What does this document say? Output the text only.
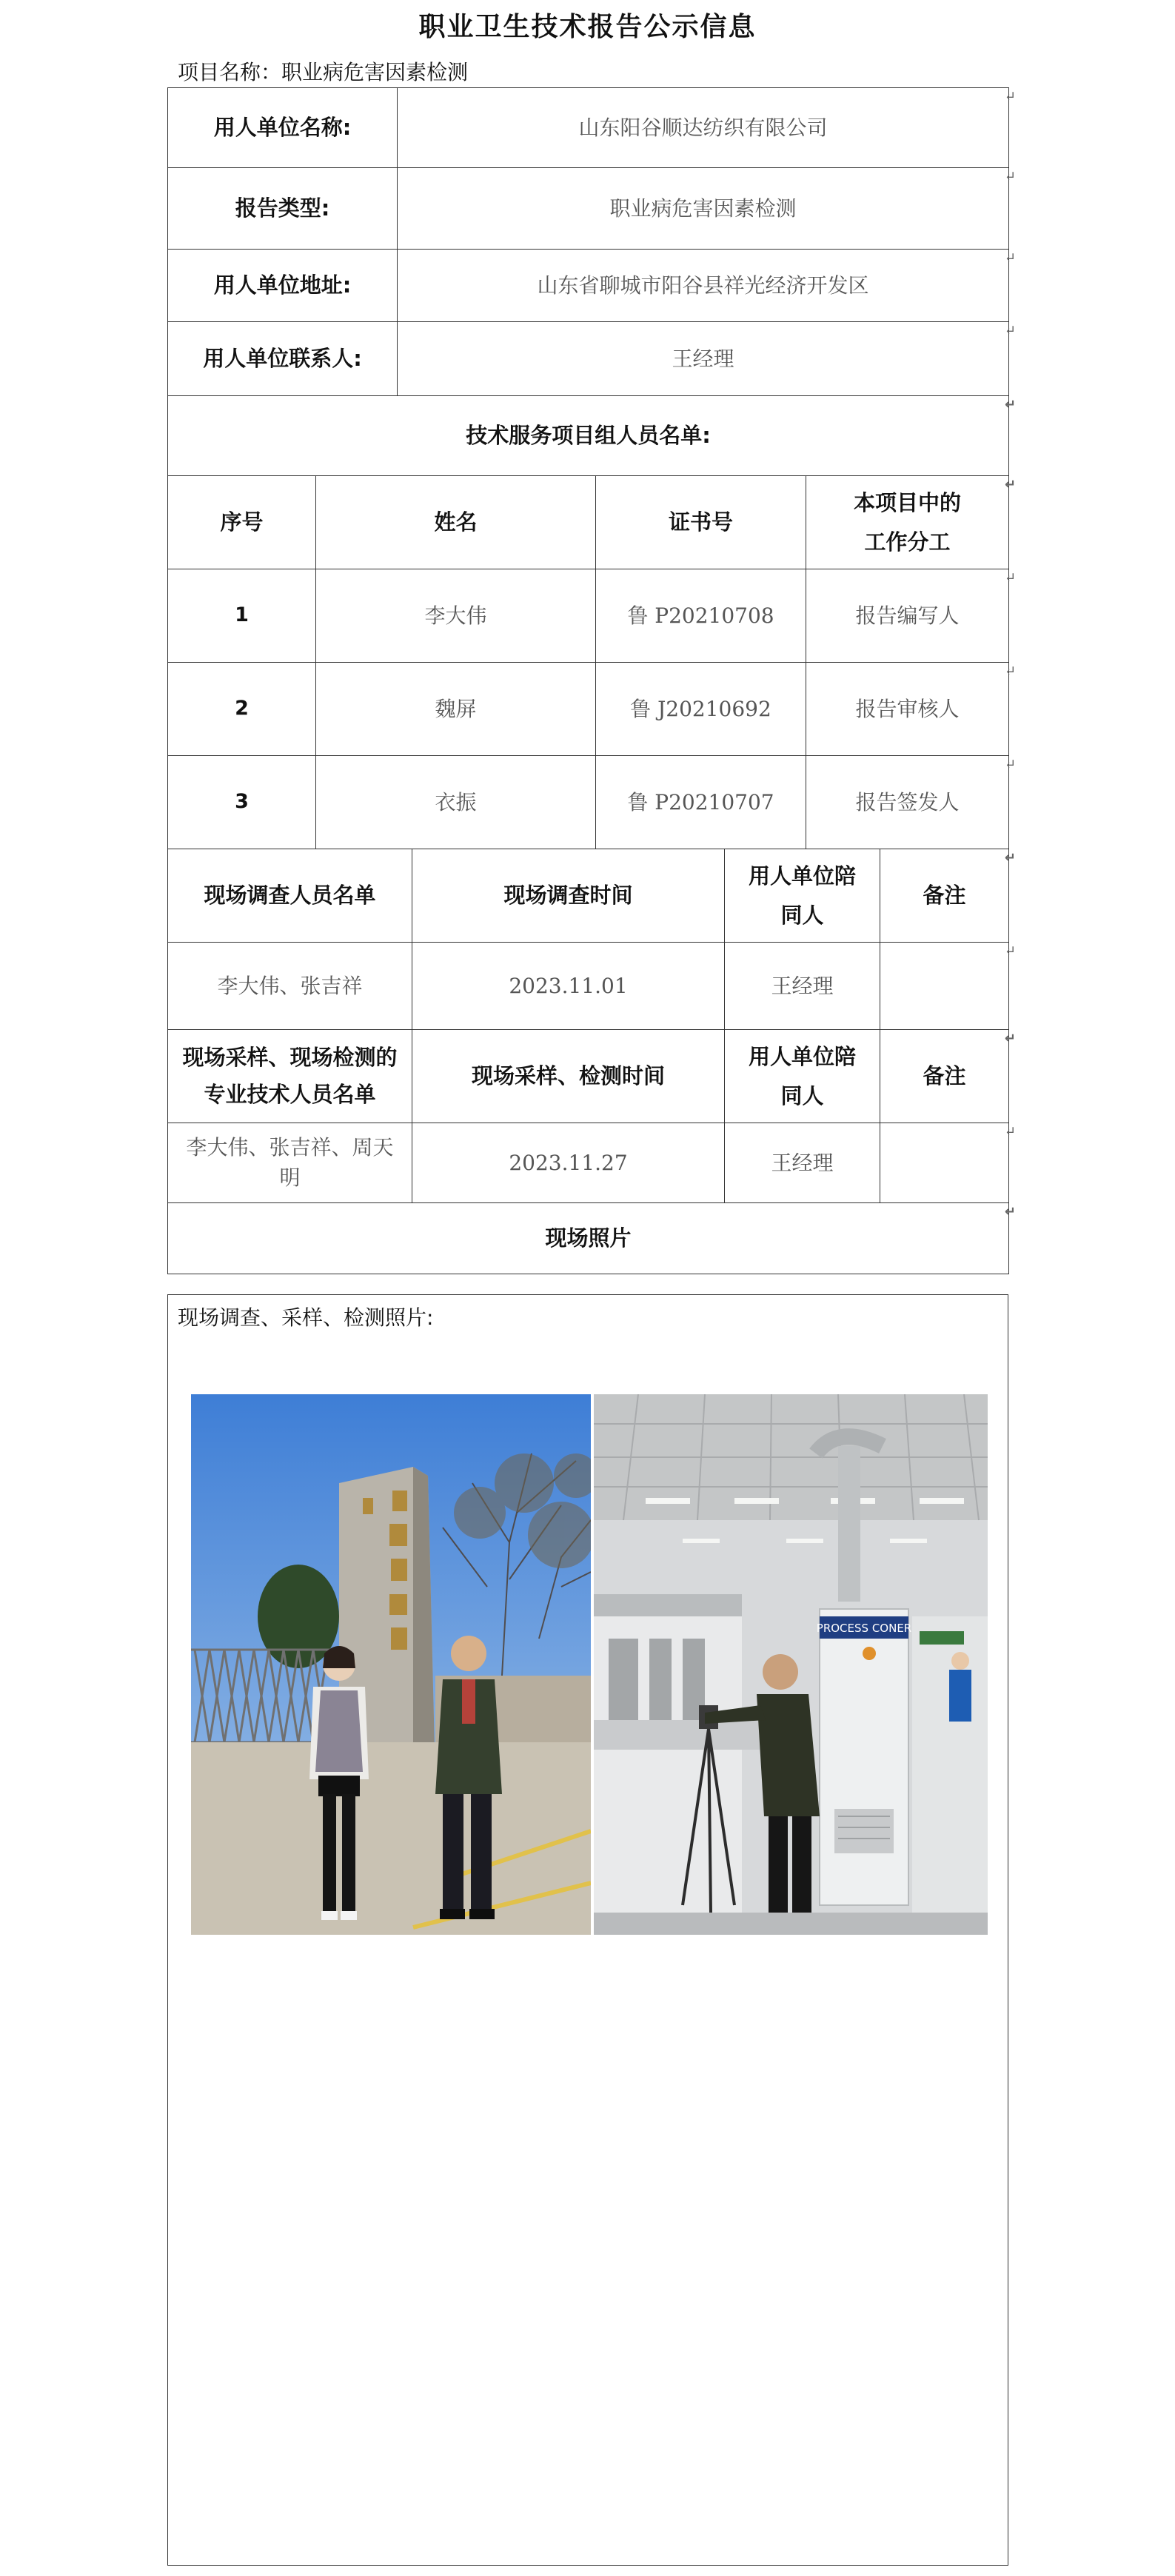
职业卫生技术报告公示信息
项目名称：职业病危害因素检测
用人单位名称:	山东阳谷顺达纺织有限公司
↵

报告类型:	职业病危害因素检测
↵

用人单位地址:	山东省聊城市阳谷县祥光经济开发区
↵

用人单位联系人:	王经理
↵
技术服务项目组人员名单:
↵			

序号	姓名	证书号	本项目中的工作分工
↵

1	李大伟	鲁 P20210708	报告编写人
↵

2	魏屏	鲁 J20210692	报告审核人
↵

3	衣振	鲁 P20210707	报告签发人
↵
现场调查人员名单	现场调查时间	用人单位陪同人	备注
↵

李大伟、张吉祥	2023.11.01	王经理	↵

现场采样、现场检测的专业技术人员名单	现场采样、检测时间	用人单位陪同人	备注
↵

李大伟、张吉祥、周天明	2023.11.27	王经理	↵

现场照片
↵			
现场调查、采样、检测照片:
PROCESS CONER
